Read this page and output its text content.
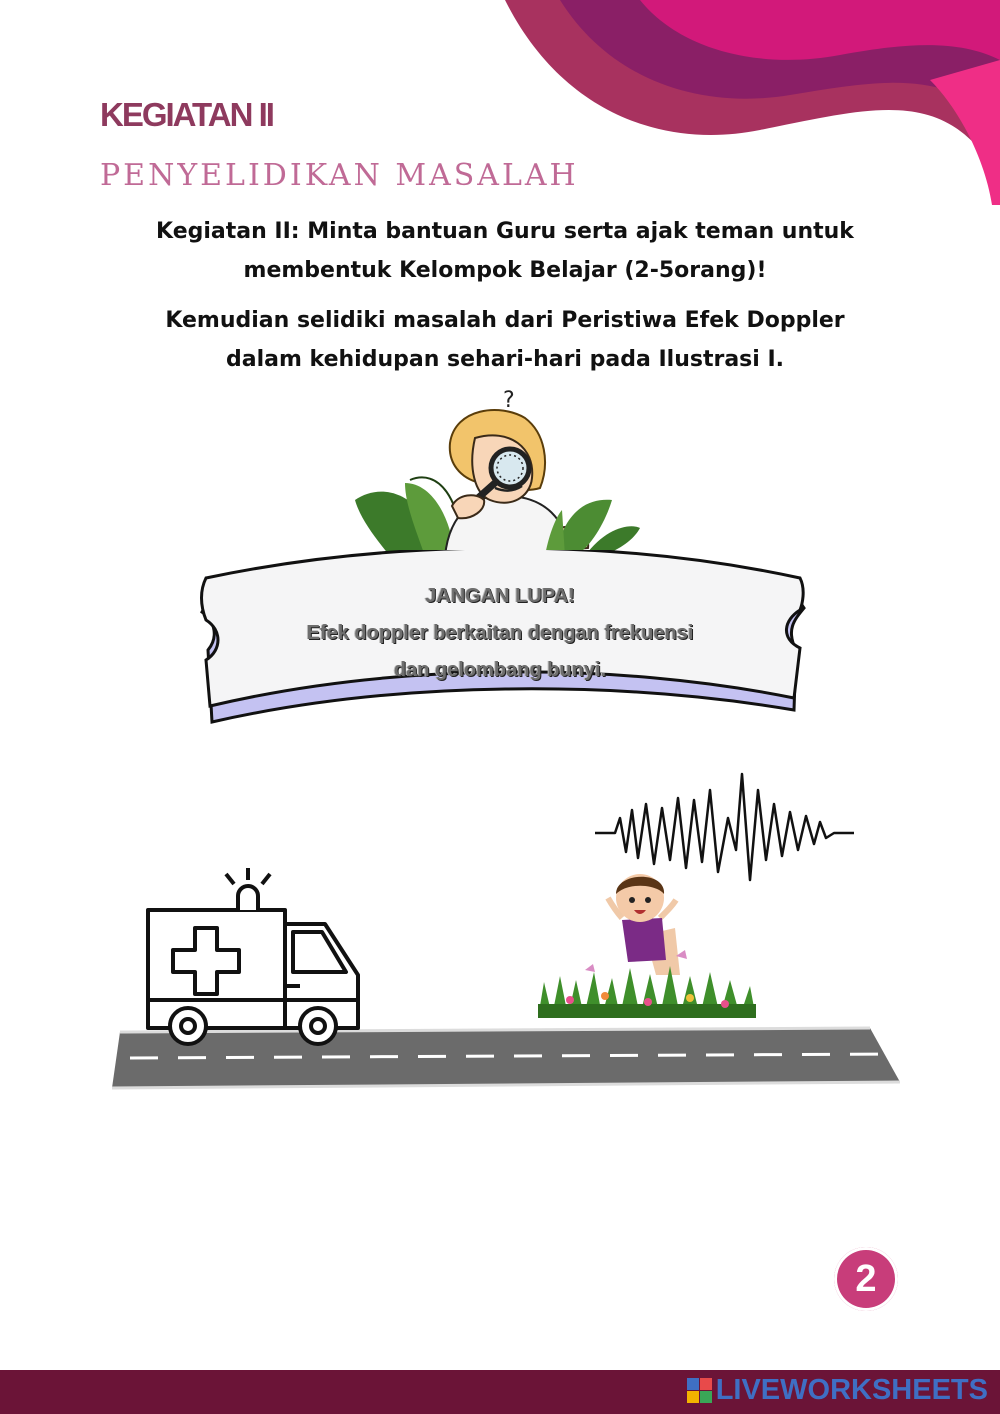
KEGIATAN II
PENYELIDIKAN MASALAH

Kegiatan II: Minta bantuan Guru serta ajak teman untuk
membentuk Kelompok Belajar (2-5orang)!

Kemudian selidiki masalah dari Peristiwa Efek Doppler
dalam kehidupan sehari-hari pada Ilustrasi I.

?
JANGAN LUPA!
Efek doppler berkaitan dengan frekuensi
dan gelombang bunyi.
2
LIVEWORKSHEETS
